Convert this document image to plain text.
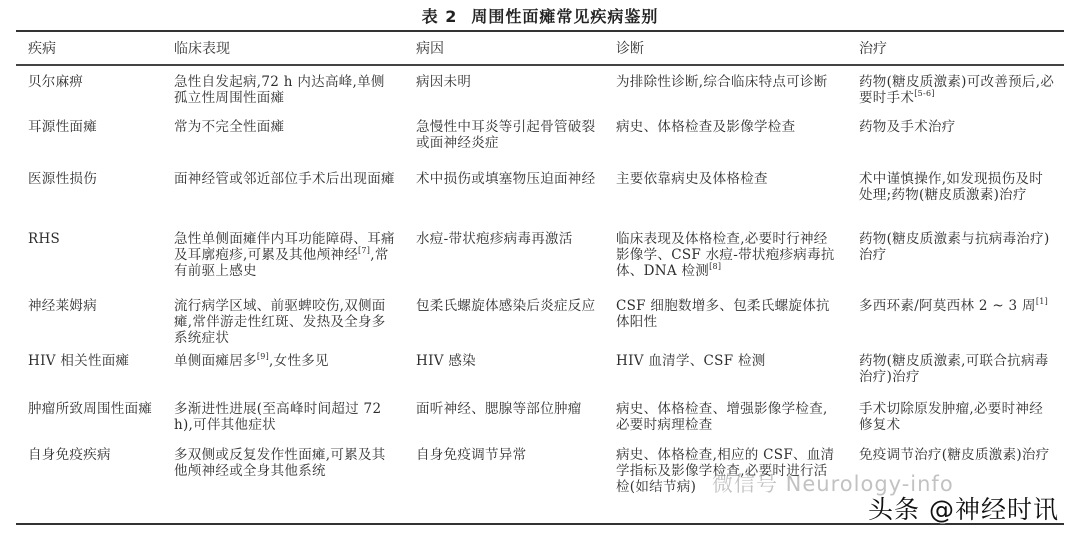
表 2 周围性面瘫常见疾病鉴别
疾病	临床表现	病因	诊断	治疗
贝尔麻痹	急性自发起病,72 h 内达高峰,单侧孤立性周围性面瘫	病因未明	为排除性诊断,综合临床特点可诊断	药物(糖皮质激素)可改善预后,必要时手术[5-6]
耳源性面瘫	常为不完全性面瘫	急慢性中耳炎等引起骨管破裂或面神经炎症	病史、体格检查及影像学检查	药物及手术治疗
医源性损伤	面神经管或邻近部位手术后出现面瘫	术中损伤或填塞物压迫面神经	主要依靠病史及体格检查	术中谨慎操作,如发现损伤及时处理;药物(糖皮质激素)治疗
RHS	急性单侧面瘫伴内耳功能障碍、耳痛及耳廓疱疹,可累及其他颅神经[7],常有前驱上感史	水痘-带状疱疹病毒再激活	临床表现及体格检查,必要时行神经影像学、CSF 水痘-带状疱疹病毒抗体、DNA 检测[8]	药物(糖皮质激素与抗病毒治疗)治疗
神经莱姆病	流行病学区域、前驱蜱咬伤,双侧面瘫,常伴游走性红斑、发热及全身多系统症状	包柔氏螺旋体感染后炎症反应	CSF 细胞数增多、包柔氏螺旋体抗体阳性	多西环素/阿莫西林 2 ~ 3 周[1]
HIV 相关性面瘫	单侧面瘫居多[9],女性多见	HIV 感染	HIV 血清学、CSF 检测	药物(糖皮质激素,可联合抗病毒治疗)治疗
肿瘤所致周围性面瘫	多渐进性进展(至高峰时间超过 72 h),可伴其他症状	面听神经、腮腺等部位肿瘤	病史、体格检查、增强影像学检查,必要时病理检查	手术切除原发肿瘤,必要时神经修复术
自身免疫疾病	多双侧或反复发作性面瘫,可累及其他颅神经或全身其他系统	自身免疫调节异常	病史、体格检查,相应的 CSF、血清学指标及影像学检查,必要时进行活检(如结节病)	免疫调节治疗(糖皮质激素)治疗
微信号 Neurology-info
头条 @神经时讯
